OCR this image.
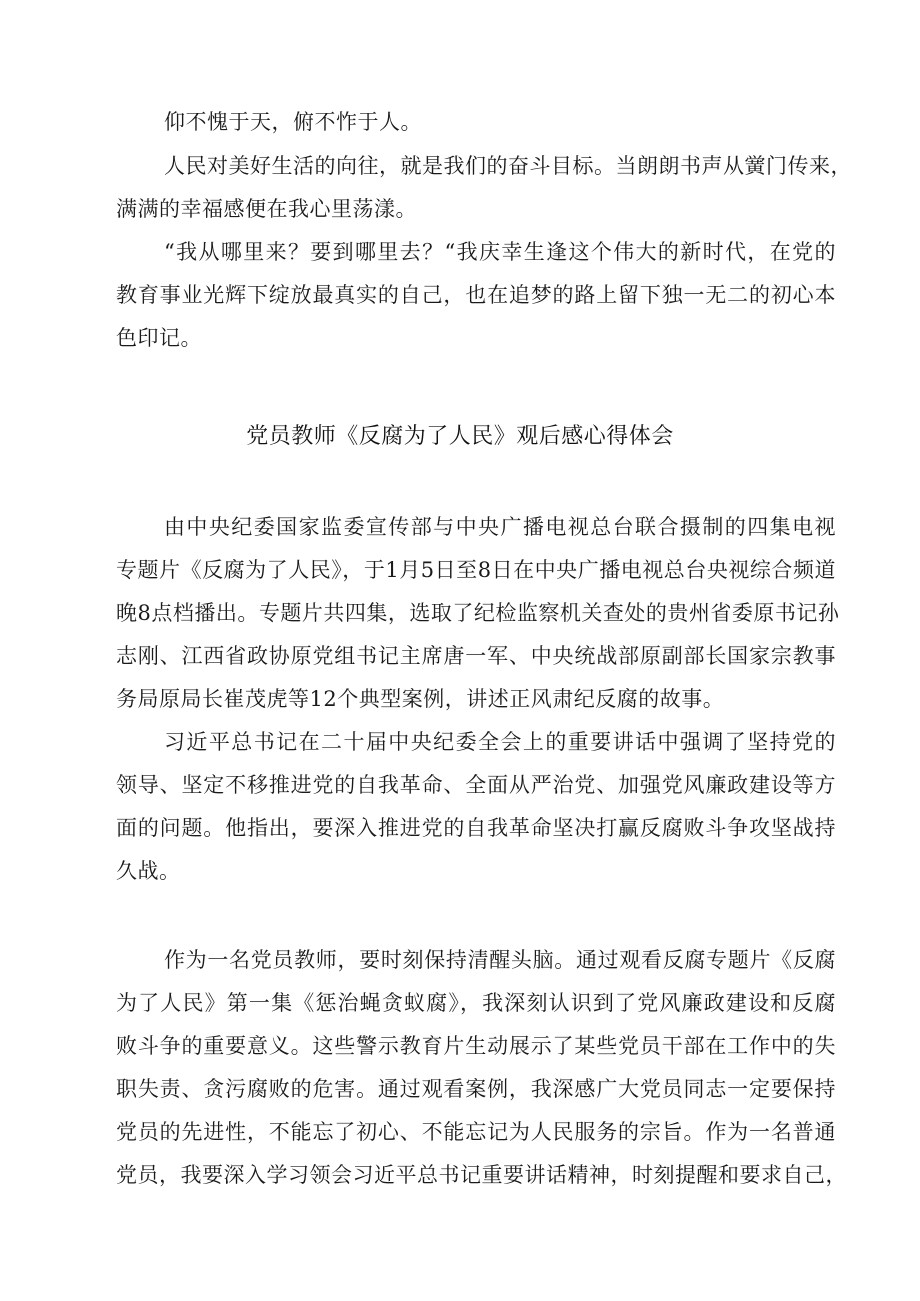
仰不愧于天，俯不怍于人。
人民对美好生活的向往，就是我们的奋斗目标。当朗朗书声从黉门传来，
满满的幸福感便在我心里荡漾。
“我从哪里来？要到哪里去？“我庆幸生逢这个伟大的新时代，在党的
教育事业光辉下绽放最真实的自己，也在追梦的路上留下独一无二的初心本
色印记。
党员教师《反腐为了人民》观后感心得体会
由中央纪委国家监委宣传部与中央广播电视总台联合摄制的四集电视
专题片《反腐为了人民》，于1月5日至8日在中央广播电视总台央视综合频道
晚8点档播出。专题片共四集，选取了纪检监察机关查处的贵州省委原书记孙
志刚、江西省政协原党组书记主席唐一军、中央统战部原副部长国家宗教事
务局原局长崔茂虎等12个典型案例，讲述正风肃纪反腐的故事。
习近平总书记在二十届中央纪委全会上的重要讲话中强调了坚持党的
领导、坚定不移推进党的自我革命、全面从严治党、加强党风廉政建设等方
面的问题。他指出，要深入推进党的自我革命坚决打赢反腐败斗争攻坚战持
久战。
作为一名党员教师，要时刻保持清醒头脑。通过观看反腐专题片《反腐
为了人民》第一集《惩治蝇贪蚁腐》，我深刻认识到了党风廉政建设和反腐
败斗争的重要意义。这些警示教育片生动展示了某些党员干部在工作中的失
职失责、贪污腐败的危害。通过观看案例，我深感广大党员同志一定要保持
党员的先进性，不能忘了初心、不能忘记为人民服务的宗旨。作为一名普通
党员，我要深入学习领会习近平总书记重要讲话精神，时刻提醒和要求自己，
